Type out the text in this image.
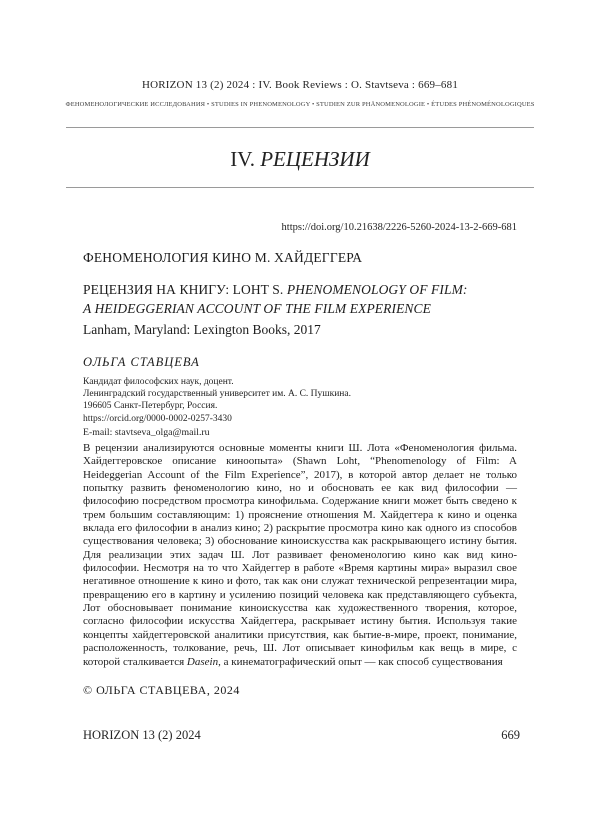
HORIZON 13 (2) 2024 : IV. Book Reviews : O. Stavtseva : 669–681
ФЕНОМЕНОЛОГИЧЕСКИЕ ИССЛЕДОВАНИЯ • STUDIES IN PHENOMENOLOGY • STUDIEN ZUR PHÄNOMENOLOGIE • ÉTUDES PHÉNOMÉNOLOGIQUES
IV. РЕЦЕНЗИИ
https://doi.org/10.21638/2226-5260-2024-13-2-669-681
ФЕНОМЕНОЛОГИЯ КИНО М. ХАЙДЕГГЕРА
РЕЦЕНЗИЯ НА КНИГУ: LOHT S. PHENOMENOLOGY OF FILM:
A HEIDEGGERIAN ACCOUNT OF THE FILM EXPERIENCE
Lanham, Maryland: Lexington Books, 2017
ОЛЬГА СТАВЦЕВА
Кандидат философских наук, доцент.
Ленинградский государственный университет им. А. С. Пушкина.
196605 Санкт-Петербург, Россия.
https://orcid.org/0000-0002-0257-3430
E-mail: stavtseva_olga@mail.ru
В рецензии анализируются основные моменты книги Ш. Лота «Феноменология фильма. Хайдеггеровское описание киноопыта» (Shawn Loht, “Phenomenology of Film: A Heideggerian Account of the Film Experience”, 2017), в которой автор делает не только попытку развить феноменологию кино, но и обосновать ее как вид философии — философию посредством просмотра кинофильма. Содержание книги может быть сведено к трем большим составляющим: 1) прояснение отношения М. Хайдеггера к кино и оценка вклада его философии в анализ кино; 2) раскрытие просмотра кино как одного из способов существования человека; 3) обоснование киноискусства как раскрывающего истину бытия. Для реализации этих задач Ш. Лот развивает феноменологию кино как вид кино-философии. Несмотря на то что Хайдеггер в работе «Время картины мира» выразил свое негативное отношение к кино и фото, так как они служат технической репрезентации мира, превращению его в картину и усилению позиций человека как представляющего субъекта, Лот обосновывает понимание киноискусства как художественного творения, которое, согласно философии искусства Хайдеггера, раскрывает истину бытия. Используя такие концепты хайдеггеровской аналитики присутствия, как бытие-в-мире, проект, понимание, расположенность, толкование, речь, Ш. Лот описывает кинофильм как вещь в мире, с которой сталкивается Dasein, а кинематографический опыт — как способ существования
© ОЛЬГА СТАВЦЕВА, 2024
HORIZON 13 (2) 2024	669
